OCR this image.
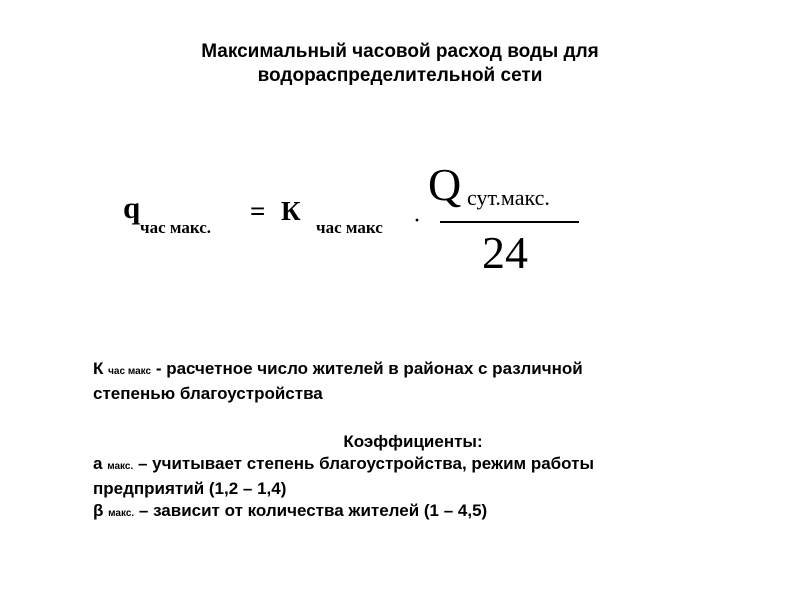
Максимальный часовой расход воды для
водораспределительной сети
q
час макс.
= К
час макс ·
Q сут.макс.
24

К час макс - расчетное число жителей в районах с различной

степенью благоустройства

Коэффициенты:

а макс. – учитывает степень благоустройства, режим работы

предприятий (1,2 – 1,4)

β макс. – зависит от количества жителей (1 – 4,5)
